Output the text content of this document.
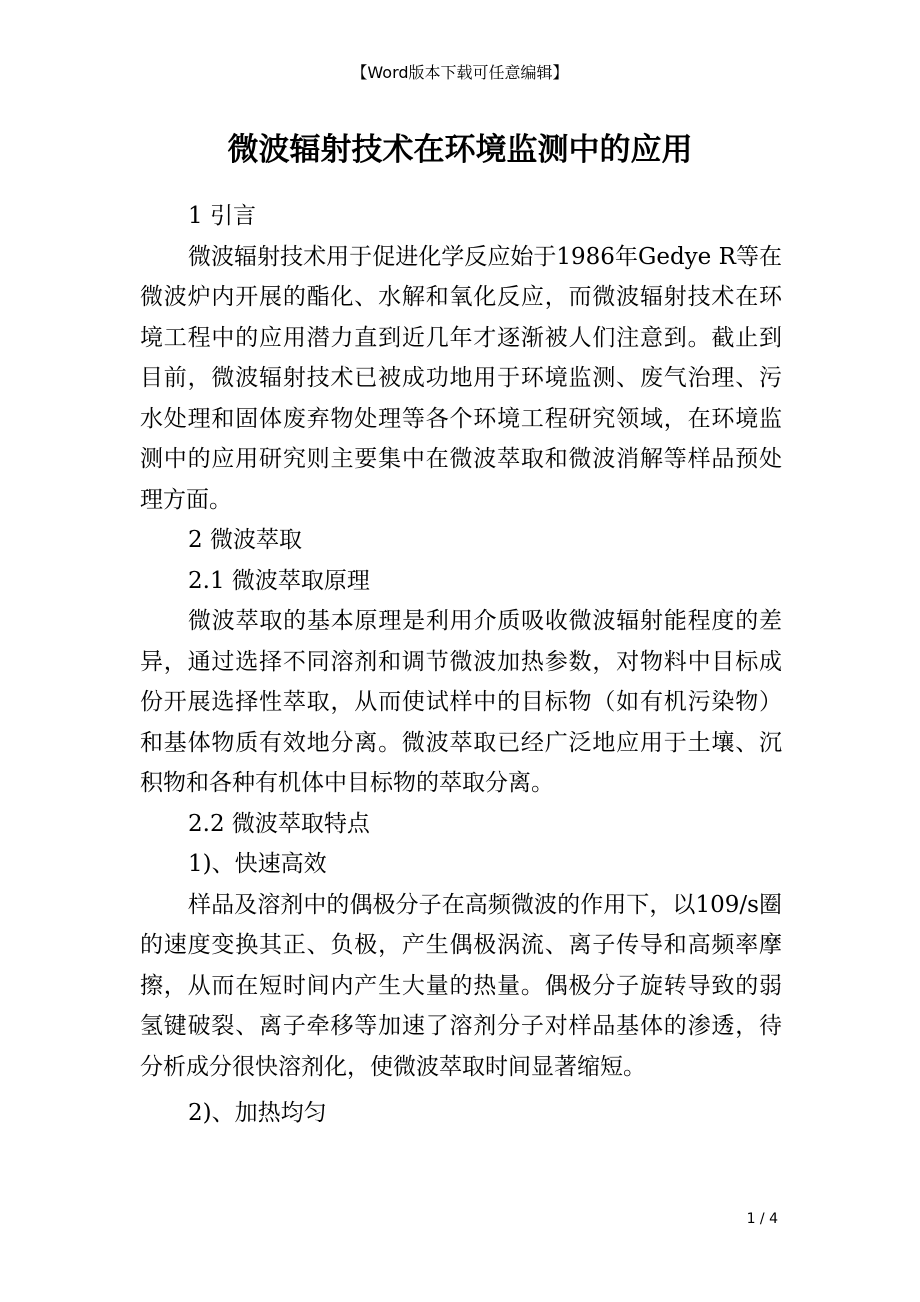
【Word版本下载可任意编辑】
微波辐射技术在环境监测中的应用

1 引言

微波辐射技术用于促进化学反应始于1986年Gedye R等在微波炉内开展的酯化、水解和氧化反应，而微波辐射技术在环境工程中的应用潜力直到近几年才逐渐被人们注意到。截止到目前，微波辐射技术已被成功地用于环境监测、废气治理、污水处理和固体废弃物处理等各个环境工程研究领域，在环境监测中的应用研究则主要集中在微波萃取和微波消解等样品预处理方面。

2 微波萃取

2.1 微波萃取原理

微波萃取的基本原理是利用介质吸收微波辐射能程度的差异，通过选择不同溶剂和调节微波加热参数，对物料中目标成份开展选择性萃取，从而使试样中的目标物（如有机污染物）和基体物质有效地分离。微波萃取已经广泛地应用于土壤、沉积物和各种有机体中目标物的萃取分离。

2.2 微波萃取特点

1)、快速高效

样品及溶剂中的偶极分子在高频微波的作用下，以109/s圈的速度变换其正、负极，产生偶极涡流、离子传导和高频率摩擦，从而在短时间内产生大量的热量。偶极分子旋转导致的弱氢键破裂、离子牵移等加速了溶剂分子对样品基体的渗透，待分析成分很快溶剂化，使微波萃取时间显著缩短。

2)、加热均匀

1 / 4
